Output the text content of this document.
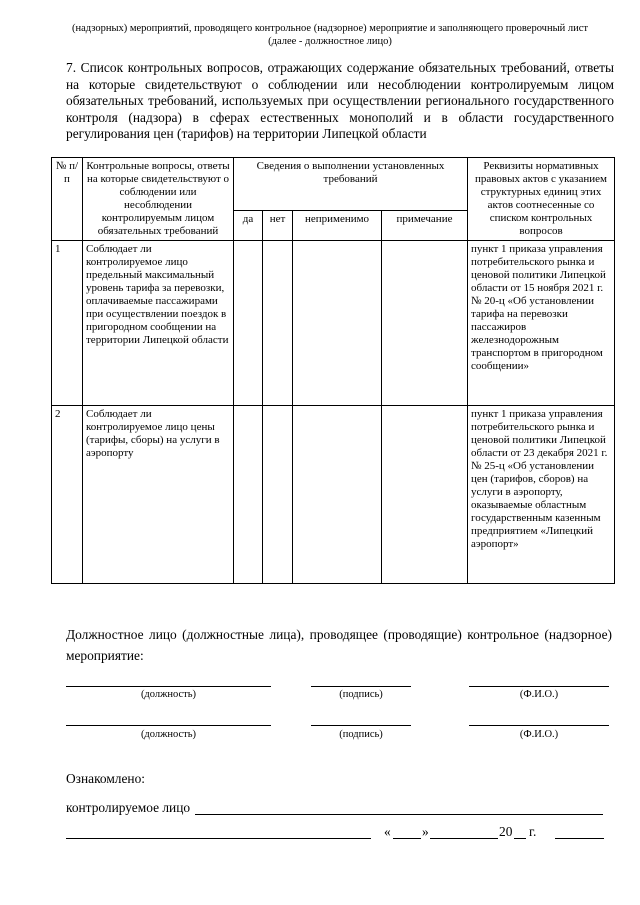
(надзорных) мероприятий, проводящего контрольное (надзорное) мероприятие и заполняющего проверочный лист
(далее - должностное лицо)
7. Список контрольных вопросов, отражающих содержание обязательных требований, ответы на которые свидетельствуют о соблюдении или несоблюдении контролируемым лицом обязательных требований, используемых при осуществлении регионального государственного контроля (надзора) в сферах естественных монополий и в области государственного регулирования цен (тарифов) на территории Липецкой области
№ п/п	Контрольные вопросы, ответы на которые свидетельствуют о соблюдении или несоблюдении контролируемым лицом обязательных требований	Сведения о выполнении установленных требований				Реквизиты нормативных правовых актов с указанием структурных единиц этих актов соотнесенные со списком контрольных вопросов
		да	нет	неприменимо	примечание	
1	Соблюдает ли контролируемое лицо предельный максимальный уровень тарифа за перевозки, оплачиваемые пассажирами при осуществлении поездок в пригородном сообщении на территории Липецкой области					пункт 1 приказа управления потребительского рынка и ценовой политики Липецкой области от 15 ноября 2021 г. № 20-ц «Об установлении тарифа на перевозки пассажиров железнодорожным транспортом в пригородном сообщении»
2	Соблюдает ли контролируемое лицо цены (тарифы, сборы) на услуги в аэропорту					пункт 1 приказа управления потребительского рынка и ценовой политики Липецкой области от 23 декабря 2021 г. № 25-ц «Об установлении цен (тарифов, сборов) на услуги в аэропорту, оказываемые областным государственным казенным предприятием «Липецкий аэропорт»
Должностное лицо (должностные лица), проводящее (проводящие) контрольное (надзорное) мероприятие:
(должность)	(подпись)	(Ф.И.О.)
(должность)	(подпись)	(Ф.И.О.)
Ознакомлено:
контролируемое лицо
« »	20 г.
